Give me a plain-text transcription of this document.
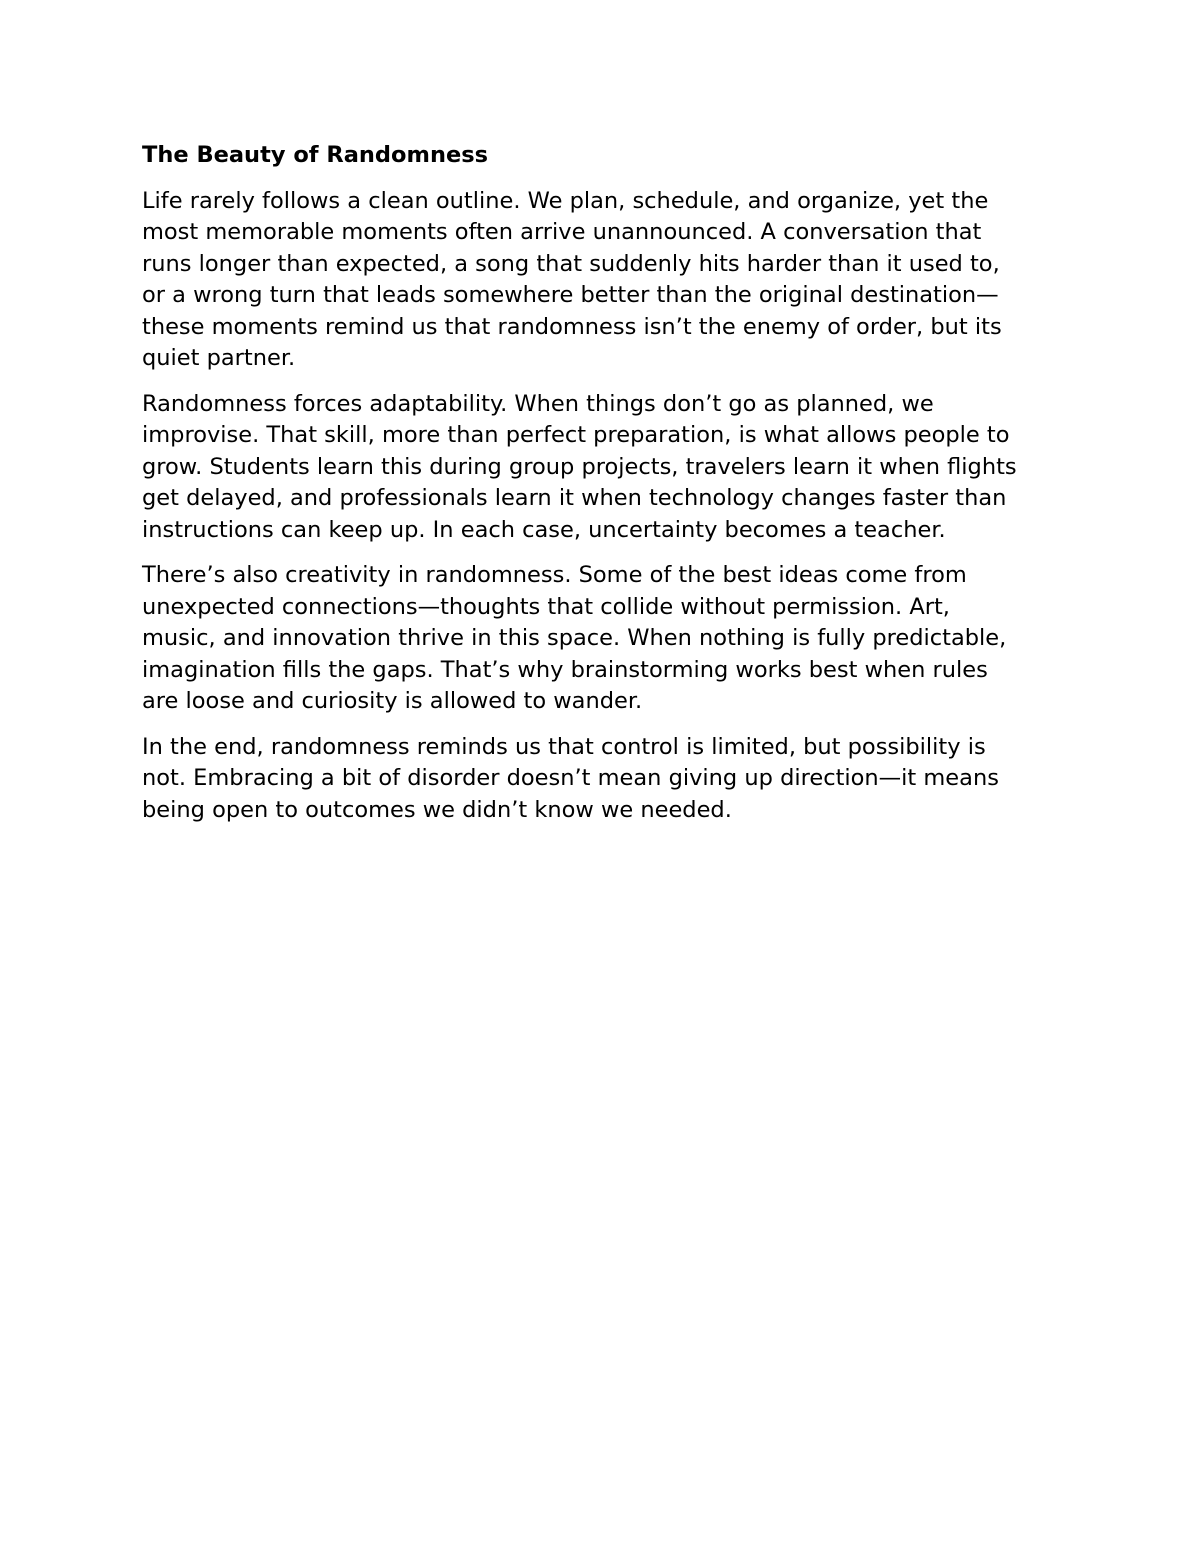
The Beauty of Randomness

Life rarely follows a clean outline. We plan, schedule, and organize, yet the
most memorable moments often arrive unannounced. A conversation that
runs longer than expected, a song that suddenly hits harder than it used to,
or a wrong turn that leads somewhere better than the original destination—
these moments remind us that randomness isn’t the enemy of order, but its
quiet partner.

Randomness forces adaptability. When things don’t go as planned, we
improvise. That skill, more than perfect preparation, is what allows people to
grow. Students learn this during group projects, travelers learn it when flights
get delayed, and professionals learn it when technology changes faster than
instructions can keep up. In each case, uncertainty becomes a teacher.

There’s also creativity in randomness. Some of the best ideas come from
unexpected connections—thoughts that collide without permission. Art,
music, and innovation thrive in this space. When nothing is fully predictable,
imagination fills the gaps. That’s why brainstorming works best when rules
are loose and curiosity is allowed to wander.

In the end, randomness reminds us that control is limited, but possibility is
not. Embracing a bit of disorder doesn’t mean giving up direction—it means
being open to outcomes we didn’t know we needed.
